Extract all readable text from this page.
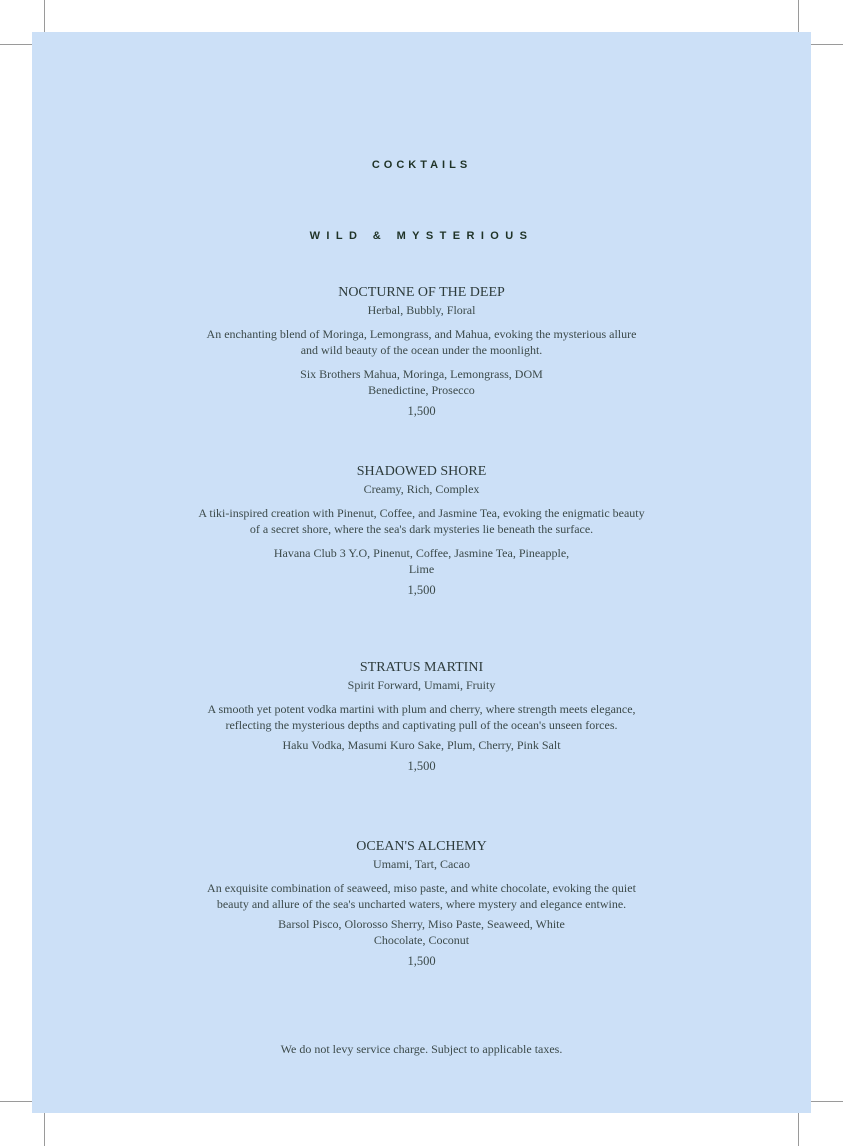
COCKTAILS
WILD & MYSTERIOUS
NOCTURNE OF THE DEEP
Herbal, Bubbly, Floral
An enchanting blend of Moringa, Lemongrass, and Mahua, evoking the mysterious allure and wild beauty of the ocean under the moonlight.
Six Brothers Mahua, Moringa, Lemongrass, DOM Benedictine, Prosecco
1,500
SHADOWED SHORE
Creamy, Rich, Complex
A tiki-inspired creation with Pinenut, Coffee, and Jasmine Tea, evoking the enigmatic beauty of a secret shore, where the sea's dark mysteries lie beneath the surface.
Havana Club 3 Y.O, Pinenut, Coffee, Jasmine Tea, Pineapple, Lime
1,500
STRATUS MARTINI
Spirit Forward, Umami, Fruity
A smooth yet potent vodka martini with plum and cherry, where strength meets elegance, reflecting the mysterious depths and captivating pull of the ocean's unseen forces.
Haku Vodka, Masumi Kuro Sake, Plum, Cherry, Pink Salt
1,500
OCEAN'S ALCHEMY
Umami, Tart, Cacao
An exquisite combination of seaweed, miso paste, and white chocolate, evoking the quiet beauty and allure of the sea's uncharted waters, where mystery and elegance entwine.
Barsol Pisco, Olorosso Sherry, Miso Paste, Seaweed, White Chocolate, Coconut
1,500
We do not levy service charge. Subject to applicable taxes.
